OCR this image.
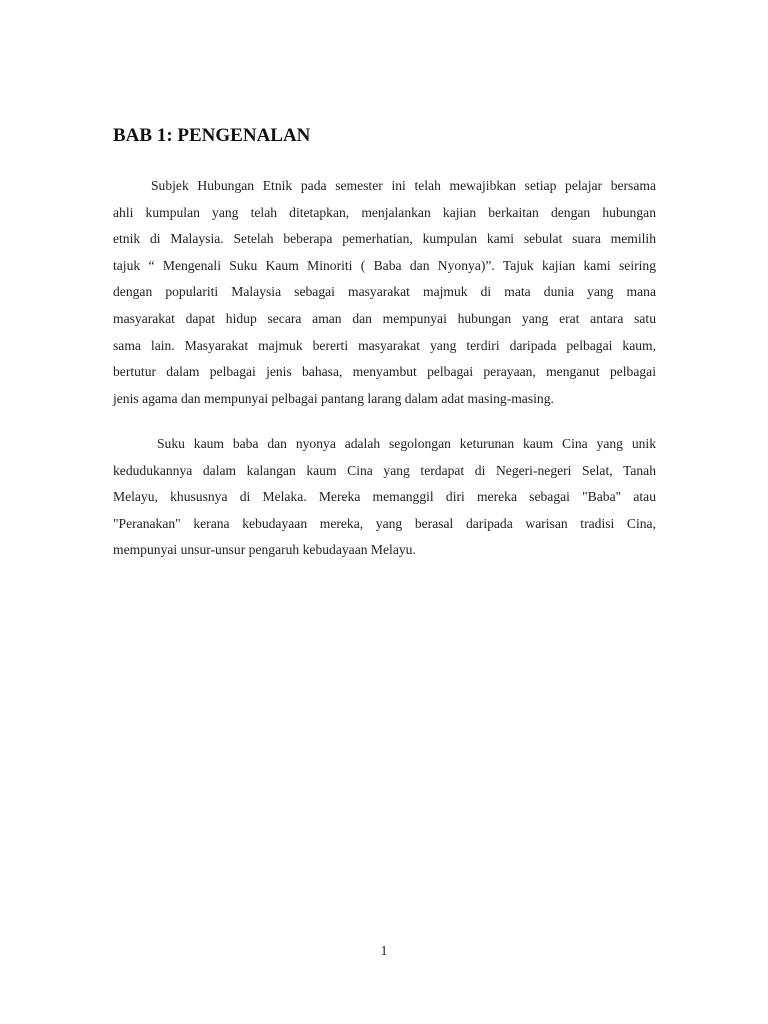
BAB 1: PENGENALAN
Subjek Hubungan Etnik pada semester ini telah mewajibkan setiap pelajar bersama
ahli kumpulan yang telah ditetapkan, menjalankan kajian berkaitan dengan hubungan
etnik di Malaysia. Setelah beberapa pemerhatian, kumpulan kami sebulat suara memilih
tajuk “ Mengenali Suku Kaum Minoriti ( Baba dan Nyonya)”. Tajuk kajian kami seiring
dengan populariti Malaysia sebagai masyarakat majmuk di mata dunia yang mana
masyarakat dapat hidup secara aman dan mempunyai hubungan yang erat antara satu
sama lain. Masyarakat majmuk bererti masyarakat yang terdiri daripada pelbagai kaum,
bertutur dalam pelbagai jenis bahasa, menyambut pelbagai perayaan, menganut pelbagai
jenis agama dan mempunyai pelbagai pantang larang dalam adat masing-masing.
Suku kaum baba dan nyonya adalah segolongan keturunan kaum Cina yang unik
kedudukannya dalam kalangan kaum Cina yang terdapat di Negeri-negeri Selat, Tanah
Melayu, khususnya di Melaka. Mereka memanggil diri mereka sebagai "Baba" atau
"Peranakan" kerana kebudayaan mereka, yang berasal daripada warisan tradisi Cina,
mempunyai unsur-unsur pengaruh kebudayaan Melayu.
1
